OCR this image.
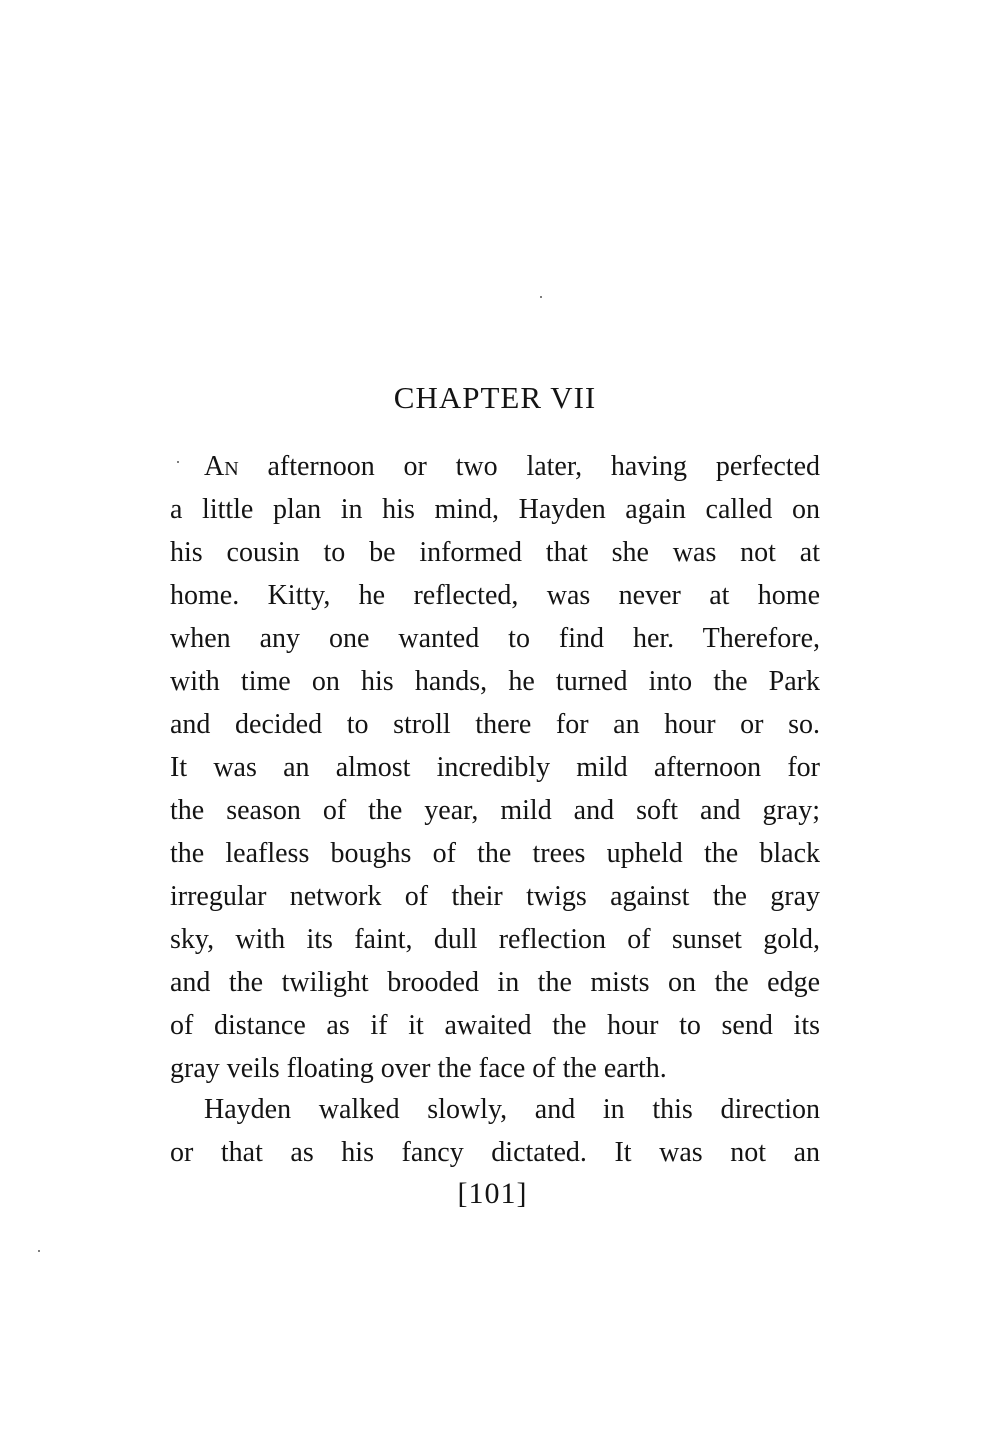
CHAPTER VII
An afternoon or two later, having perfected
a little plan in his mind, Hayden again called on
his cousin to be informed that she was not at
home. Kitty, he reflected, was never at home
when any one wanted to find her. Therefore,
with time on his hands, he turned into the Park
and decided to stroll there for an hour or so.
It was an almost incredibly mild afternoon for
the season of the year, mild and soft and gray;
the leafless boughs of the trees upheld the black
irregular network of their twigs against the gray
sky, with its faint, dull reflection of sunset gold,
and the twilight brooded in the mists on the edge
of distance as if it awaited the hour to send its
gray veils floating over the face of the earth.
Hayden walked slowly, and in this direction
or that as his fancy dictated. It was not an
[101]
